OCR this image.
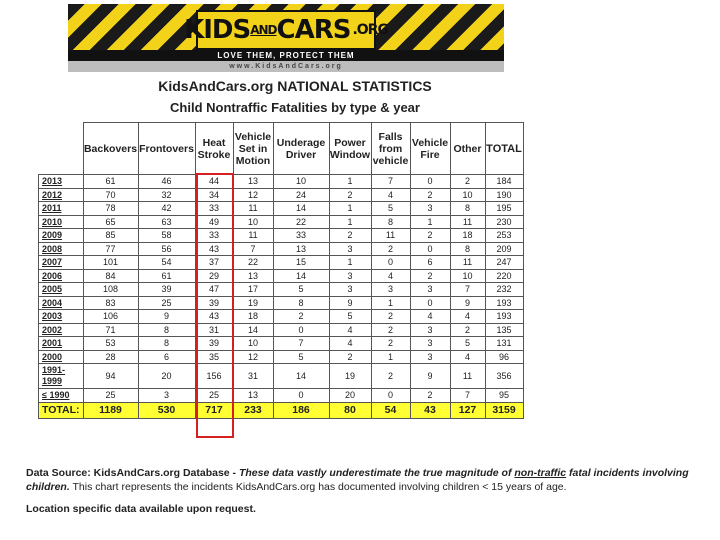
KIDS AND CARS .ORG
LOVE THEM, PROTECT THEM
www.KidsAndCars.org
KidsAndCars.org NATIONAL STATISTICS
Child Nontraffic Fatalities by type & year
	Backovers	Frontovers	Heat Stroke	Vehicle Set in Motion	Underage Driver	Power Window	Falls from vehicle	Vehicle Fire	Other	TOTAL
2013	61	46	44	13	10	1	7	0	2	184
2012	70	32	34	12	24	2	4	2	10	190
2011	78	42	33	11	14	1	5	3	8	195
2010	65	63	49	10	22	1	8	1	11	230
2009	85	58	33	11	33	2	11	2	18	253
2008	77	56	43	7	13	3	2	0	8	209
2007	101	54	37	22	15	1	0	6	11	247
2006	84	61	29	13	14	3	4	2	10	220
2005	108	39	47	17	5	3	3	3	7	232
2004	83	25	39	19	8	9	1	0	9	193
2003	106	9	43	18	2	5	2	4	4	193
2002	71	8	31	14	0	4	2	3	2	135
2001	53	8	39	10	7	4	2	3	5	131
2000	28	6	35	12	5	2	1	3	4	96
1991-1999	94	20	156	31	14	19	2	9	11	356
≤ 1990	25	3	25	13	0	20	0	2	7	95
TOTAL:	1189	530	717	233	186	80	54	43	127	3159
Data Source: KidsAndCars.org Database - These data vastly underestimate the true magnitude of non-traffic fatal incidents involving children. This chart represents the incidents KidsAndCars.org has documented involving children < 15 years of age.
Location specific data available upon request.
